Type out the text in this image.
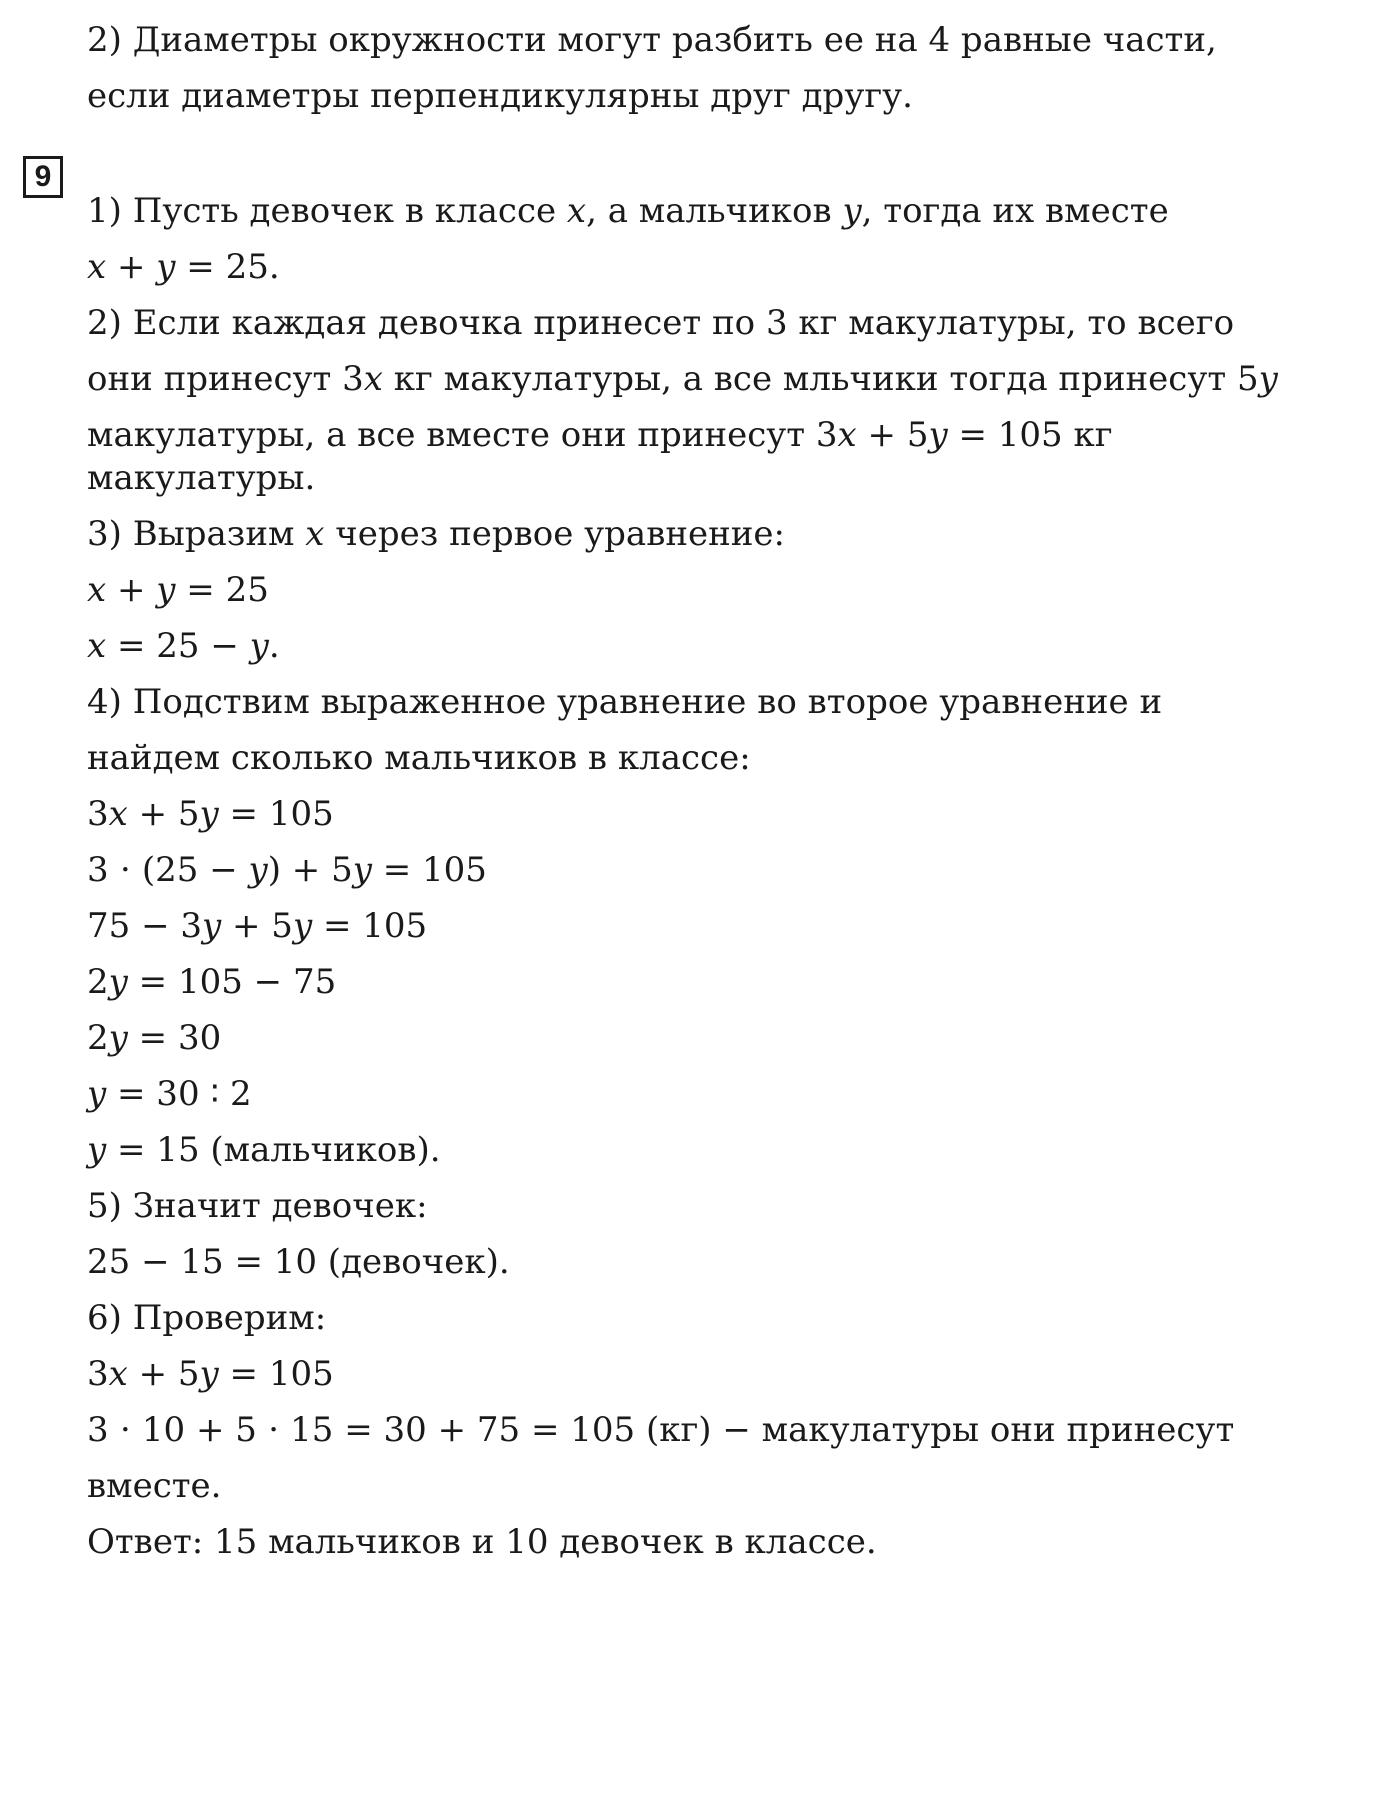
2) Диаметры окружности могут разбить ее на 4 равные части,
если диаметры перпендикулярны друг другу.
9
1) Пусть девочек в классе 𝑥, а мальчиков 𝑦, тогда их вместе
𝑥 + 𝑦 = 25.
2) Если каждая девочка принесет по 3 кг макулатуры, то всего
они принесут 3𝑥 кг макулатуры, а все мльчики тогда принесут 5𝑦
макулатуры, а все вместе они принесут 3𝑥 + 5𝑦 = 105 кг
макулатуры.
3) Выразим 𝑥 через первое уравнение:
𝑥 + 𝑦 = 25
𝑥 = 25 − 𝑦.
4) Подствим выраженное уравнение во второе уравнение и
найдем сколько мальчиков в классе:
3𝑥 + 5𝑦 = 105
3 ⋅ (25 − 𝑦) + 5𝑦 = 105
75 − 3𝑦 + 5𝑦 = 105
2𝑦 = 105 − 75
2𝑦 = 30
𝑦 = 30 ∶ 2
𝑦 = 15 (мальчиков).
5) Значит девочек:
25 − 15 = 10 (девочек).
6) Проверим:
3𝑥 + 5𝑦 = 105
3 ⋅ 10 + 5 ⋅ 15 = 30 + 75 = 105 (кг) − макулатуры они принесут
вместе.
Ответ: 15 мальчиков и 10 девочек в классе.
